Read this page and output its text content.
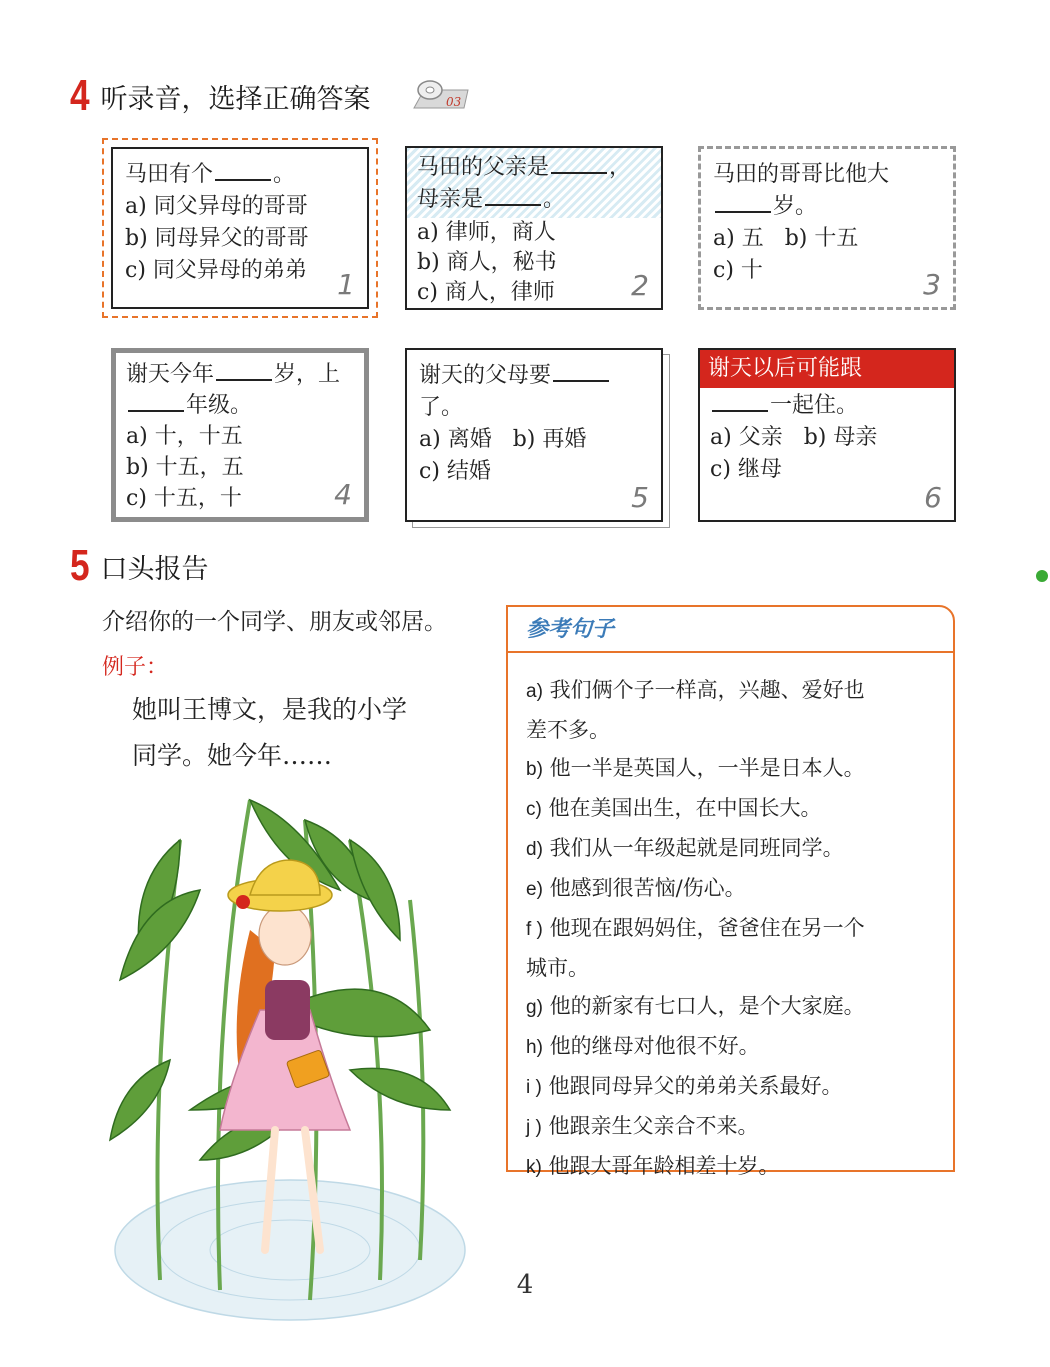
4 听录音，选择正确答案	03
马田有个	。
a) 同父异母的哥哥
b) 同母异父的哥哥
c) 同父异母的弟弟	1
马田的父亲是	，
母亲是	。
a) 律师，商人
b) 商人，秘书
c) 商人，律师	2
马田的哥哥比他大
岁。
a) 五 b) 十五
c) 十	3
谢天今年	岁，上
年级。
a) 十，十五
b) 十五，五
c) 十五，十	4
谢天的父母要
了。
a) 离婚 b) 再婚
c) 结婚
5
谢天以后可能跟
一起住。
a) 父亲 b) 母亲
c) 继母
6
5 口头报告
介绍你的一个同学、朋友或邻居。
例子：
她叫王博文，是我的小学
同学。她今年……
参考句子
a) 我们俩个子一样高，兴趣、爱好也
差不多。
b) 他一半是英国人，一半是日本人。
c) 他在美国出生，在中国长大。
d) 我们从一年级起就是同班同学。
e) 他感到很苦恼/伤心。
f ) 他现在跟妈妈住，爸爸住在另一个
城市。
g) 他的新家有七口人，是个大家庭。
h) 他的继母对他很不好。
i ) 他跟同母异父的弟弟关系最好。
j ) 他跟亲生父亲合不来。
k) 他跟大哥年龄相差十岁。
4
